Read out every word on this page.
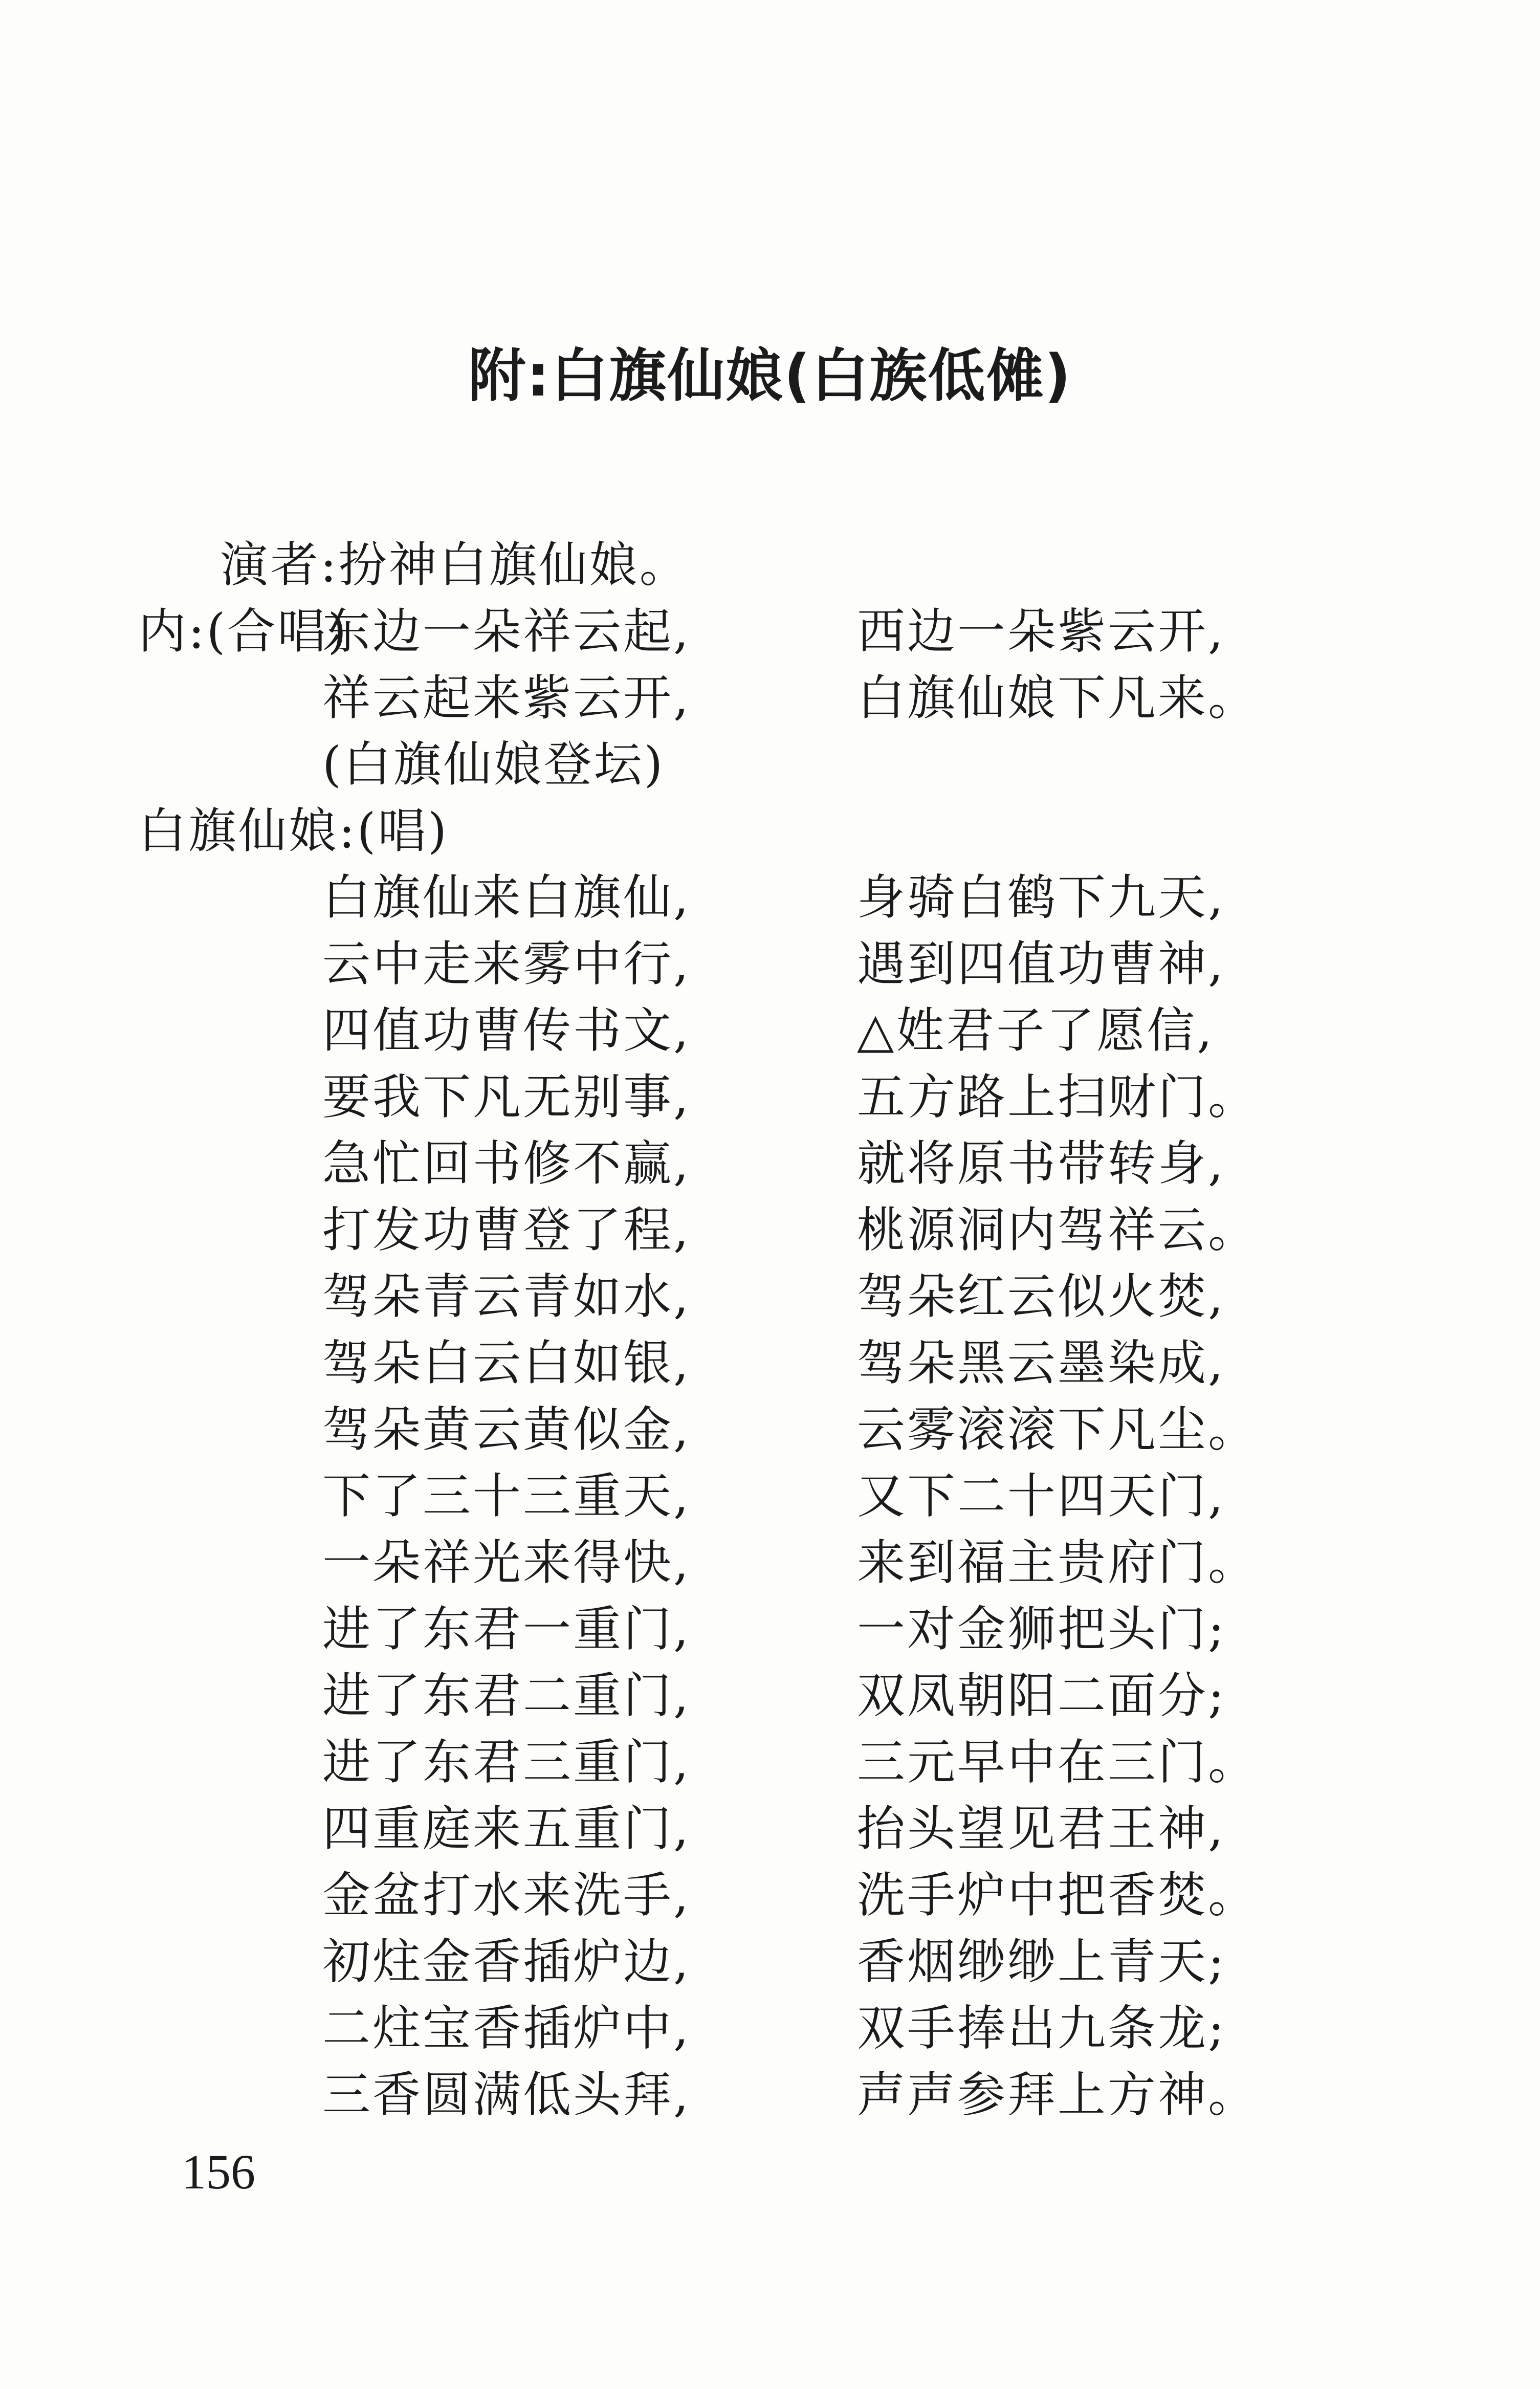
附:白旗仙娘(白族低傩)
演者:扮神白旗仙娘。
内:(合唱)
东边一朵祥云起,	西边一朵紫云开,
祥云起来紫云开,	白旗仙娘下凡来。
(白旗仙娘登坛)
白旗仙娘:(唱)
白旗仙来白旗仙,	身骑白鹤下九天,
云中走来雾中行,	遇到四值功曹神,
四值功曹传书文,	△姓君子了愿信,
要我下凡无别事,	五方路上扫财门。
急忙回书修不赢,	就将原书带转身,
打发功曹登了程,	桃源洞内驾祥云。
驾朵青云青如水,	驾朵红云似火焚,
驾朵白云白如银,	驾朵黑云墨染成,
驾朵黄云黄似金,	云雾滚滚下凡尘。
下了三十三重天,	又下二十四天门,
一朵祥光来得快,	来到福主贵府门。
进了东君一重门,	一对金狮把头门;
进了东君二重门,	双凤朝阳二面分;
进了东君三重门,	三元早中在三门。
四重庭来五重门,	抬头望见君王神,
金盆打水来洗手,	洗手炉中把香焚。
初炷金香插炉边,	香烟缈缈上青天;
二炷宝香插炉中,	双手捧出九条龙;
三香圆满低头拜,	声声参拜上方神。
156
